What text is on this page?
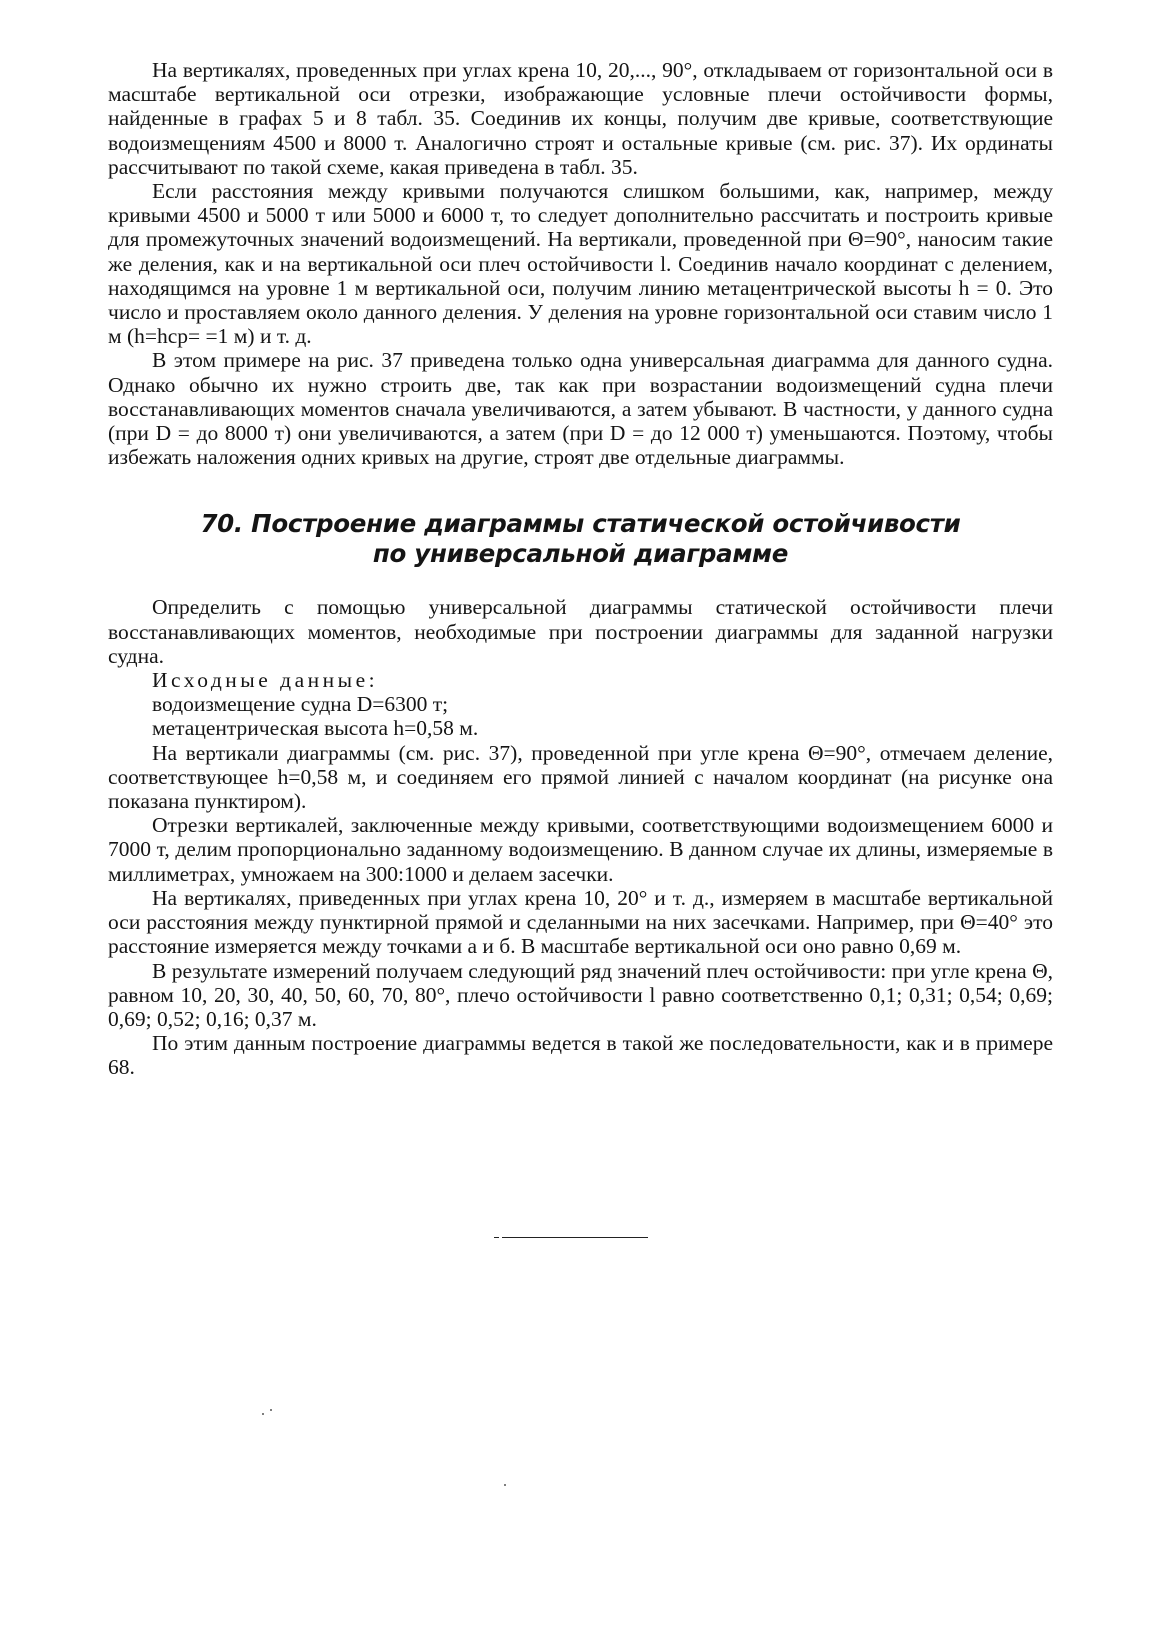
На вертикалях, проведенных при углах крена 10, 20,..., 90°, откладываем от горизонтальной оси в масштабе вертикальной оси отрезки, изображающие условные плечи остойчивости формы, найденные в графах 5 и 8 табл. 35. Соединив их концы, получим две кривые, соответствующие водоизмещениям 4500 и 8000 т. Аналогично строят и остальные кривые (см. рис. 37). Их ординаты рассчитывают по такой схеме, какая приведена в табл. 35.

Если расстояния между кривыми получаются слишком большими, как, например, между кривыми 4500 и 5000 т или 5000 и 6000 т, то следует дополнительно рассчитать и построить кривые для промежуточных значений водоизмещений. На вертикали, проведенной при Θ=90°, наносим такие же деления, как и на вертикальной оси плеч остойчивости l. Соединив начало координат с делением, находящимся на уровне 1 м вертикальной оси, получим линию метацентрической высоты h = 0. Это число и проставляем около данного деления. У деления на уровне горизонтальной оси ставим число 1 м (h=hср= =1 м) и т. д.

В этом примере на рис. 37 приведена только одна универсальная диаграмма для данного судна. Однако обычно их нужно строить две, так как при возрастании водоизмещений судна плечи восстанавливающих моментов сначала увеличиваются, а затем убывают. В частности, у данного судна (при D = до 8000 т) они увеличиваются, а затем (при D = до 12 000 т) уменьшаются. Поэтому, чтобы избежать наложения одних кривых на другие, строят две отдельные диаграммы.

70. Построение диаграммы статической остойчивости
по универсальной диаграмме

Определить с помощью универсальной диаграммы статической остойчивости плечи восстанавливающих моментов, необходимые при построении диаграммы для заданной нагрузки судна.

Исходные данные:

водоизмещение судна D=6300 т;

метацентрическая высота h=0,58 м.

На вертикали диаграммы (см. рис. 37), проведенной при угле крена Θ=90°, отмечаем деление, соответствующее h=0,58 м, и соединяем его прямой линией с началом координат (на рисунке она показана пунктиром).

Отрезки вертикалей, заключенные между кривыми, соответствующими водоизмещением 6000 и 7000 т, делим пропорционально заданному водоизмещению. В данном случае их длины, измеряемые в миллиметрах, умножаем на 300:1000 и делаем засечки.

На вертикалях, приведенных при углах крена 10, 20° и т. д., измеряем в масштабе вертикальной оси расстояния между пунктирной прямой и сделанными на них засечками. Например, при Θ=40° это расстояние измеряется между точками а и б. В масштабе вертикальной оси оно равно 0,69 м.

В результате измерений получаем следующий ряд значений плеч остойчивости: при угле крена Θ, равном 10, 20, 30, 40, 50, 60, 70, 80°, плечо остойчивости l равно соответственно 0,1; 0,31; 0,54; 0,69; 0,69; 0,52; 0,16; 0,37 м.

По этим данным построение диаграммы ведется в такой же последовательности, как и в примере 68.
